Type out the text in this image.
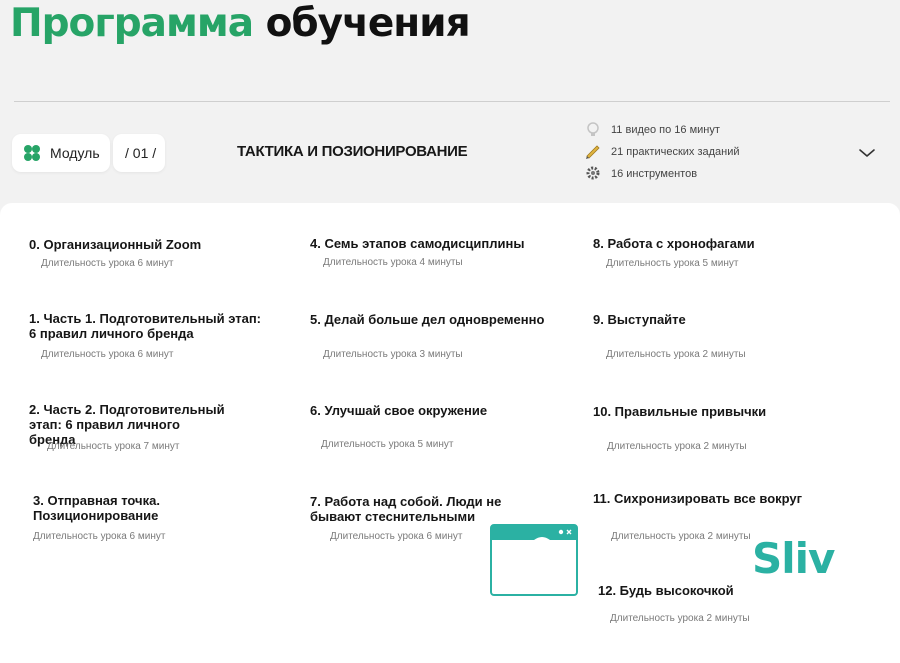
Программа обучения
Модуль / 01 /	ТАКТИКА И ПОЗИОНИРОВАНИЕ
11 видео по 16 минут
21 практических заданий
16 инструментов

0. Организационный Zoom

Длительность урока 6 минут

1. Часть 1. Подготовительный этап: 6 правил личного бренда

Длительность урока 6 минут

2. Часть 2. Подготовительный этап: 6 правил личного бренда

Длительность урока 7 минут

3. Отправная точка. Позиционирование

Длительность урока 6 минут

4. Семь этапов самодисциплины

Длительность урока 4 минуты

5. Делай больше дел одновременно

Длительность урока 3 минуты

6. Улучшай свое окружение

Длительность урока 5 минут

7. Работа над собой. Люди не бывают стеснительными

Длительность урока 6 минут

8. Работа с хронофагами

Длительность урока 5 минут

9. Выступайте

Длительность урока 2 минуты

10. Правильные привычки

Длительность урока 2 минуты

11. Сихронизировать все вокруг

Длительность урока 2 минуты

12. Будь высокочкой

Длительность урока 2 минуты
Sliv
